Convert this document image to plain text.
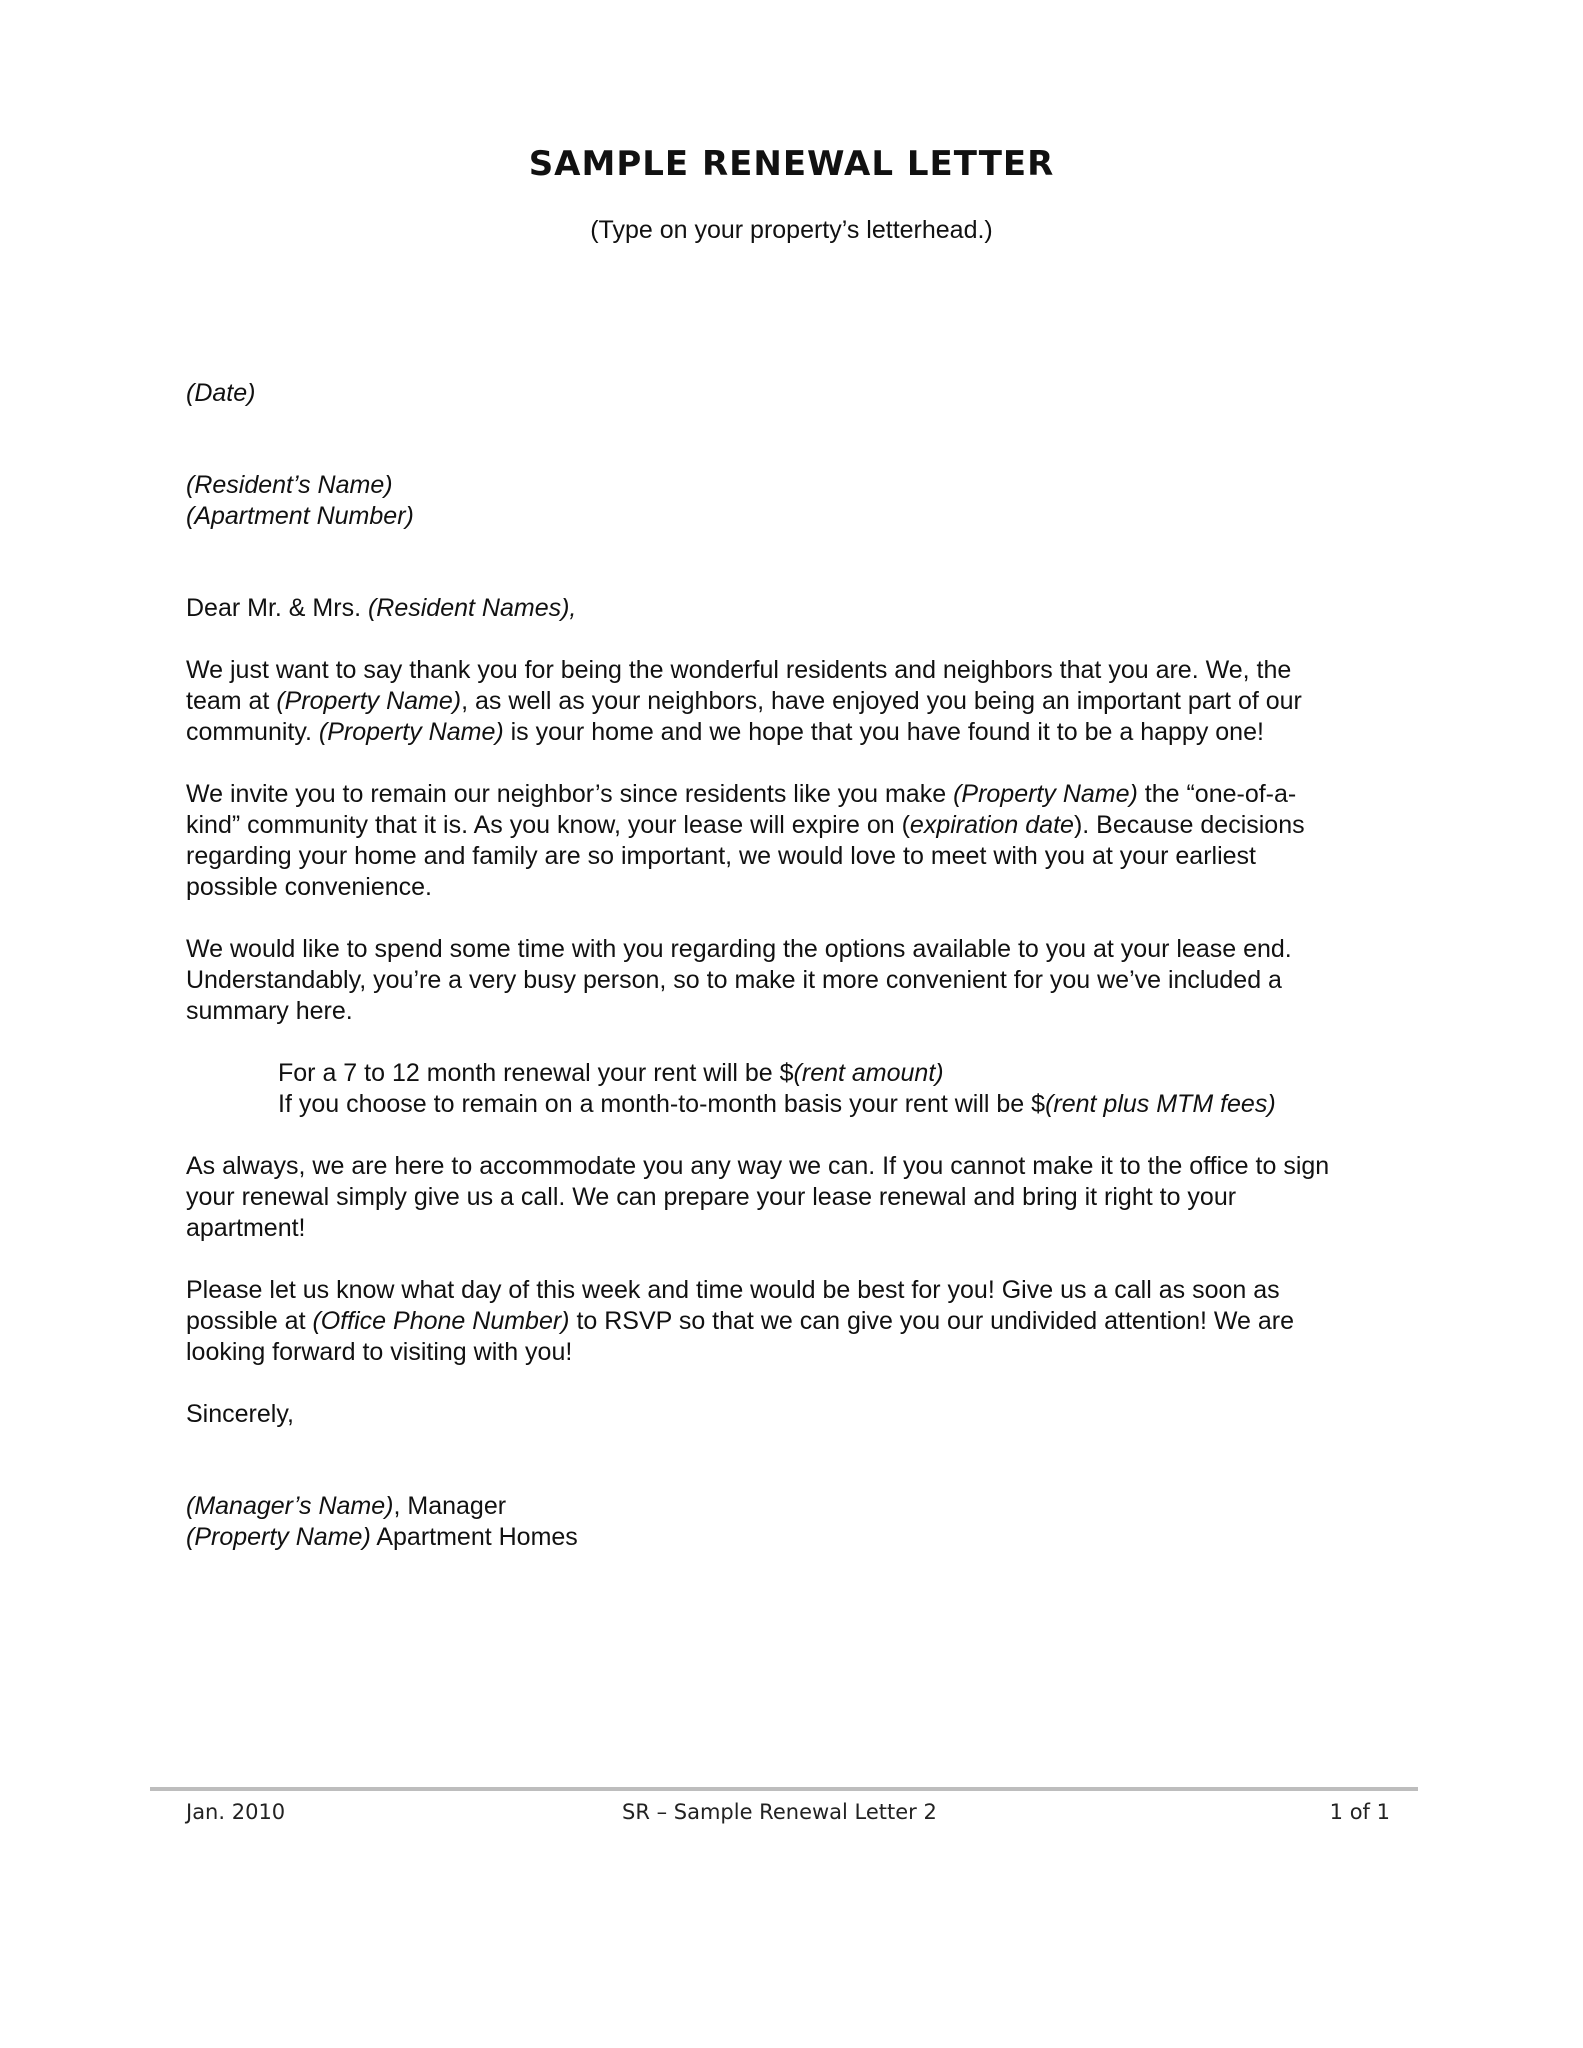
SAMPLE RENEWAL LETTER
(Type on your property’s letterhead.)
(Date)
(Resident’s Name)
(Apartment Number)
Dear Mr. & Mrs. (Resident Names),
We just want to say thank you for being the wonderful residents and neighbors that you are. We, the
team at (Property Name), as well as your neighbors, have enjoyed you being an important part of our
community. (Property Name) is your home and we hope that you have found it to be a happy one!
We invite you to remain our neighbor’s since residents like you make (Property Name) the “one-of-a-
kind” community that it is. As you know, your lease will expire on (expiration date). Because decisions
regarding your home and family are so important, we would love to meet with you at your earliest
possible convenience.
We would like to spend some time with you regarding the options available to you at your lease end.
Understandably, you’re a very busy person, so to make it more convenient for you we’ve included a
summary here.
For a 7 to 12 month renewal your rent will be $(rent amount)
If you choose to remain on a month-to-month basis your rent will be $(rent plus MTM fees)
As always, we are here to accommodate you any way we can. If you cannot make it to the office to sign
your renewal simply give us a call. We can prepare your lease renewal and bring it right to your
apartment!
Please let us know what day of this week and time would be best for you! Give us a call as soon as
possible at (Office Phone Number) to RSVP so that we can give you our undivided attention! We are
looking forward to visiting with you!
Sincerely,
(Manager’s Name), Manager
(Property Name) Apartment Homes
Jan. 2010	SR – Sample Renewal Letter 2	1 of 1
